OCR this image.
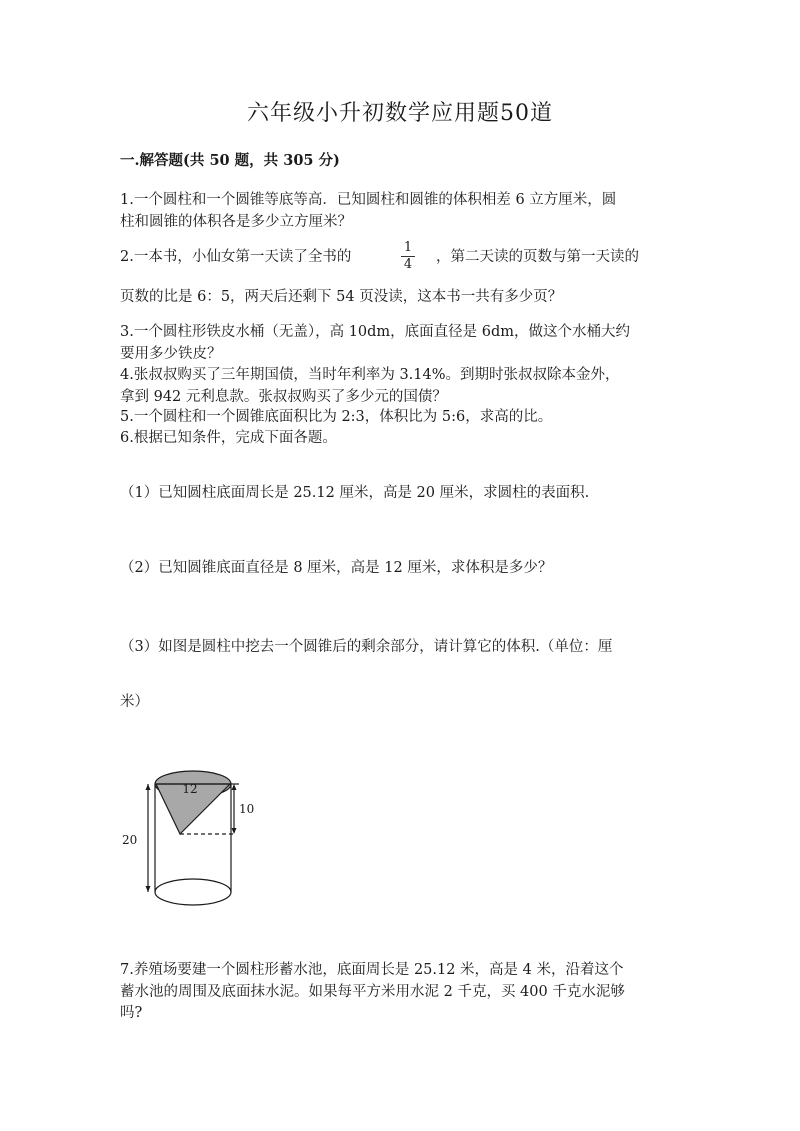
六年级小升初数学应用题50道
一.解答题(共 50 题，共 305 分)
1.一个圆柱和一个圆锥等底等高．已知圆柱和圆锥的体积相差 6 立方厘米，圆
柱和圆锥的体积各是多少立方厘米？
2.一本书，小仙女第一天读了全书的
1
4 ，第二天读的页数与第一天读的
页数的比是 6：5，两天后还剩下 54 页没读，这本书一共有多少页？
3.一个圆柱形铁皮水桶（无盖），高 10dm，底面直径是 6dm，做这个水桶大约
要用多少铁皮？
4.张叔叔购买了三年期国债，当时年利率为 3.14%。到期时张叔叔除本金外，
拿到 942 元利息款。张叔叔购买了多少元的国债？
5.一个圆柱和一个圆锥底面积比为 2:3，体积比为 5:6，求高的比。
6.根据已知条件，完成下面各题。
（1）已知圆柱底面周长是 25.12 厘米，高是 20 厘米，求圆柱的表面积.
（2）已知圆锥底面直径是 8 厘米，高是 12 厘米，求体积是多少？
（3）如图是圆柱中挖去一个圆锥后的剩余部分，请计算它的体积.（单位：厘
米）
12
10
20
7.养殖场要建一个圆柱形蓄水池，底面周长是 25.12 米，高是 4 米，沿着这个
蓄水池的周围及底面抹水泥。如果每平方米用水泥 2 千克，买 400 千克水泥够
吗?
